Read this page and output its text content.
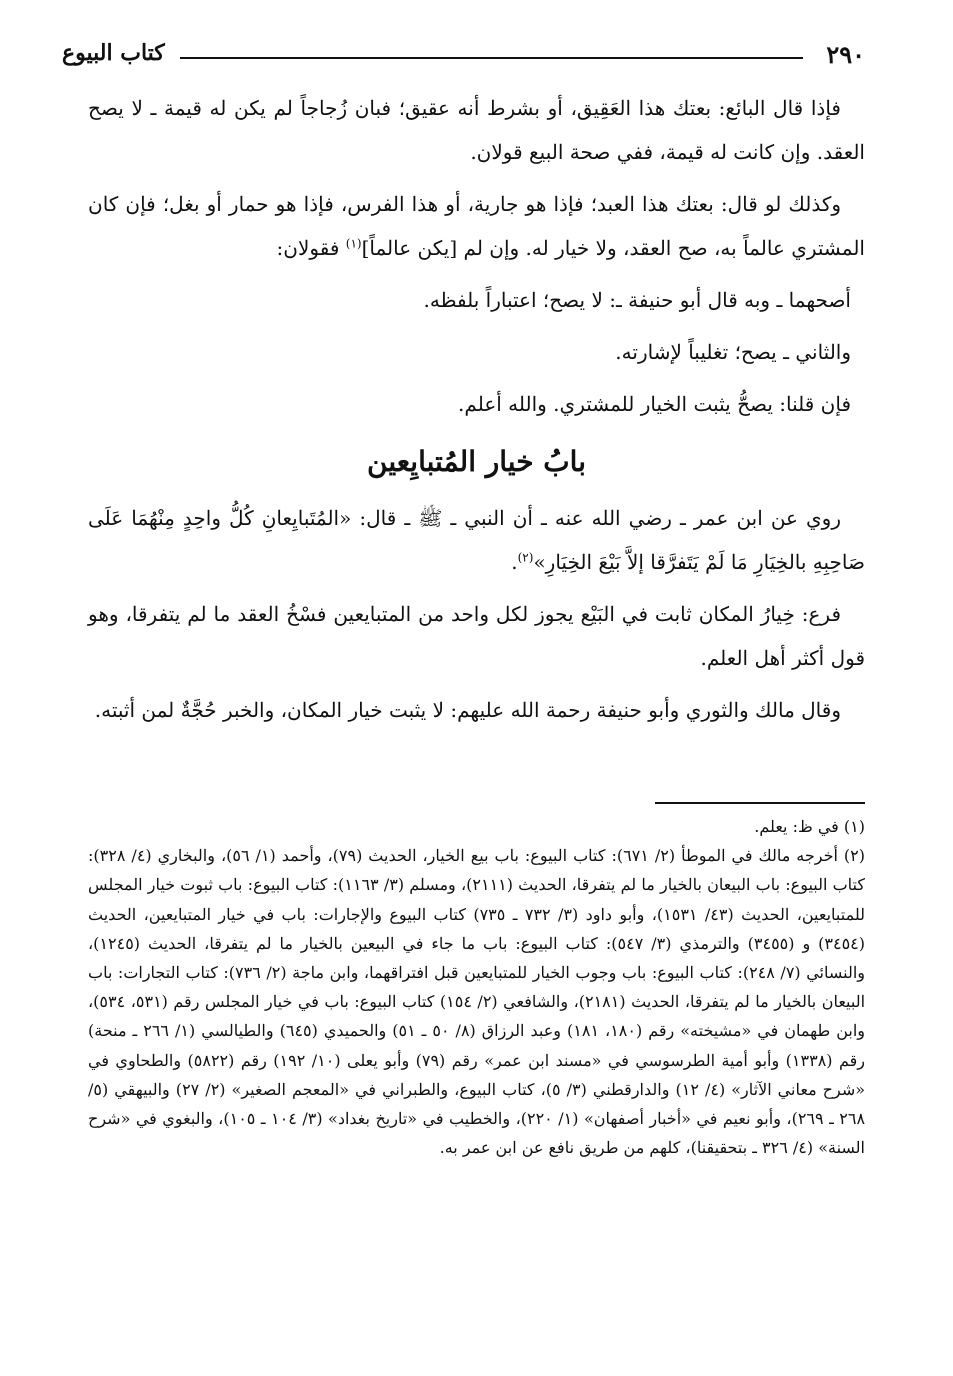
٢٩٠
كتاب البيوع

فإذا قال البائع: بعتك هذا العَقِيق، أو بشرط أنه عقيق؛ فبان زُجاجاً لم يكن له قيمة ـ لا يصح العقد. وإن كانت له قيمة، ففي صحة البيع قولان.

وكذلك لو قال: بعتك هذا العبد؛ فإذا هو جارية، أو هذا الفرس، فإذا هو حمار أو بغل؛ فإن كان المشتري عالماً به، صح العقد، ولا خيار له. وإن لم [يكن عالماً]$^{(١)}$ فقولان:

أصحهما ـ وبه قال أبو حنيفة ـ: لا يصح؛ اعتباراً بلفظه.

والثاني ـ يصح؛ تغليباً لإشارته.

فإن قلنا: يصحُّ يثبت الخيار للمشتري. والله أعلم.

بابُ خيار المُتبايِعين

روي عن ابن عمر ـ رضي الله عنه ـ أن النبي ـ ﷺ ـ قال: «المُتَبايِعانِ كُلُّ واحِدٍ مِنْهُمَا عَلَى صَاحِبِهِ بالخِيَارِ مَا لَمْ يَتَفرَّقا إلاَّ بَيْعَ الخِيَارِ»$^{(٢)}$.

فرع: خِيارُ المكان ثابت في البَيْع يجوز لكل واحد من المتبايعين فسْخُ العقد ما لم يتفرقا، وهو قول أكثر أهل العلم.

وقال مالك والثوري وأبو حنيفة رحمة الله عليهم: لا يثبت خيار المكان، والخبر حُجَّةٌ لمن أثبته.

(١) في ظ: يعلم.

(٢) أخرجه مالك في الموطأ (٢/ ٦٧١): كتاب البيوع: باب بيع الخيار، الحديث (٧٩)، وأحمد (١/ ٥٦)، والبخاري (٤/ ٣٢٨): كتاب البيوع: باب البيعان بالخيار ما لم يتفرقا، الحديث (٢١١١)، ومسلم (٣/ ١١٦٣): كتاب البيوع: باب ثبوت خيار المجلس للمتبايعين، الحديث (٤٣/ ١٥٣١)، وأبو داود (٣/ ٧٣٢ ـ ٧٣٥) كتاب البيوع والإجارات: باب في خيار المتبايعين، الحديث (٣٤٥٤) و (٣٤٥٥) والترمذي (٣/ ٥٤٧): كتاب البيوع: باب ما جاء في البيعين بالخيار ما لم يتفرقا، الحديث (١٢٤٥)، والنسائي (٧/ ٢٤٨): كتاب البيوع: باب وجوب الخيار للمتبايعين قبل افتراقهما، وابن ماجة (٢/ ٧٣٦): كتاب التجارات: باب البيعان بالخيار ما لم يتفرقا، الحديث (٢١٨١)، والشافعي (٢/ ١٥٤) كتاب البيوع: باب في خيار المجلس رقم (٥٣١، ٥٣٤)، وابن طهمان في «مشيخته» رقم (١٨٠، ١٨١) وعبد الرزاق (٨/ ٥٠ ـ ٥١) والحميدي (٦٤٥) والطيالسي (١/ ٢٦٦ ـ منحة) رقم (١٣٣٨) وأبو أمية الطرسوسي في «مسند ابن عمر» رقم (٧٩) وأبو يعلى (١٠/ ١٩٢) رقم (٥٨٢٢) والطحاوي في «شرح معاني الآثار» (٤/ ١٢) والدارقطني (٣/ ٥)، كتاب البيوع، والطبراني في «المعجم الصغير» (٢/ ٢٧) والبيهقي (٥/ ٢٦٨ ـ ٢٦٩)، وأبو نعيم في «أخبار أصفهان» (١/ ٢٢٠)، والخطيب في «تاريخ بغداد» (٣/ ١٠٤ ـ ١٠٥)، والبغوي في «شرح السنة» (٤/ ٣٢٦ ـ بتحقيقنا)، كلهم من طريق نافع عن ابن عمر به.
